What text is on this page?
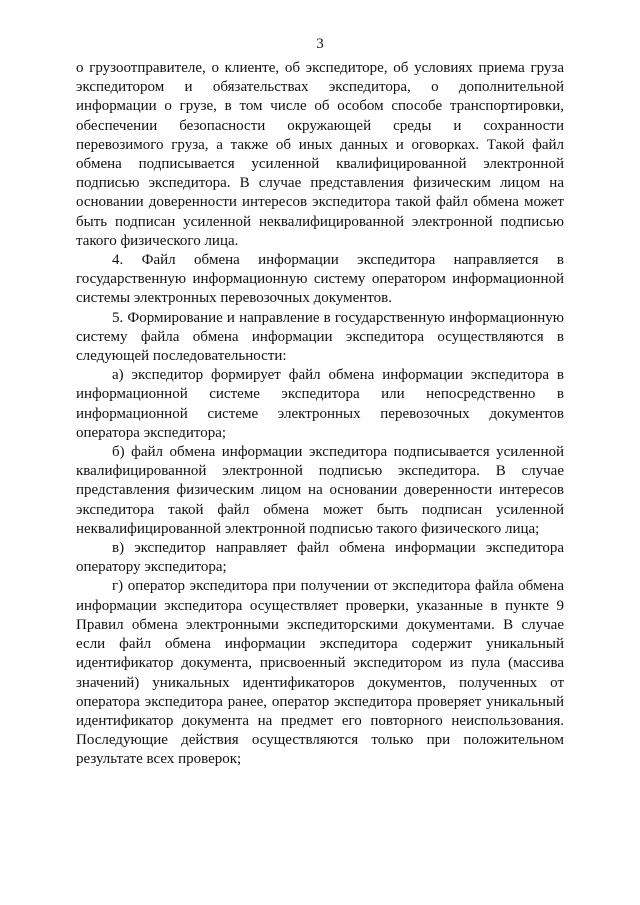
3

о грузоотправителе, о клиенте, об экспедиторе, об условиях приема груза экспедитором и обязательствах экспедитора, о дополнительной информации о грузе, в том числе об особом способе транспортировки, обеспечении безопасности окружающей среды и сохранности перевозимого груза, а также об иных данных и оговорках. Такой файл обмена подписывается усиленной квалифицированной электронной подписью экспедитора. В случае представления физическим лицом на основании доверенности интересов экспедитора такой файл обмена может быть подписан усиленной неквалифицированной электронной подписью такого физического лица.

4. Файл обмена информации экспедитора направляется в государственную информационную систему оператором информационной системы электронных перевозочных документов.

5. Формирование и направление в государственную информационную систему файла обмена информации экспедитора осуществляются в следующей последовательности:

а) экспедитор формирует файл обмена информации экспедитора в информационной системе экспедитора или непосредственно в информационной системе электронных перевозочных документов оператора экспедитора;

б) файл обмена информации экспедитора подписывается усиленной квалифицированной электронной подписью экспедитора. В случае представления физическим лицом на основании доверенности интересов экспедитора такой файл обмена может быть подписан усиленной неквалифицированной электронной подписью такого физического лица;

в) экспедитор направляет файл обмена информации экспедитора оператору экспедитора;

г) оператор экспедитора при получении от экспедитора файла обмена информации экспедитора осуществляет проверки, указанные в пункте 9 Правил обмена электронными экспедиторскими документами. В случае если файл обмена информации экспедитора содержит уникальный идентификатор документа, присвоенный экспедитором из пула (массива значений) уникальных идентификаторов документов, полученных от оператора экспедитора ранее, оператор экспедитора проверяет уникальный идентификатор документа на предмет его повторного неиспользования. Последующие действия осуществляются только при положительном результате всех проверок;
